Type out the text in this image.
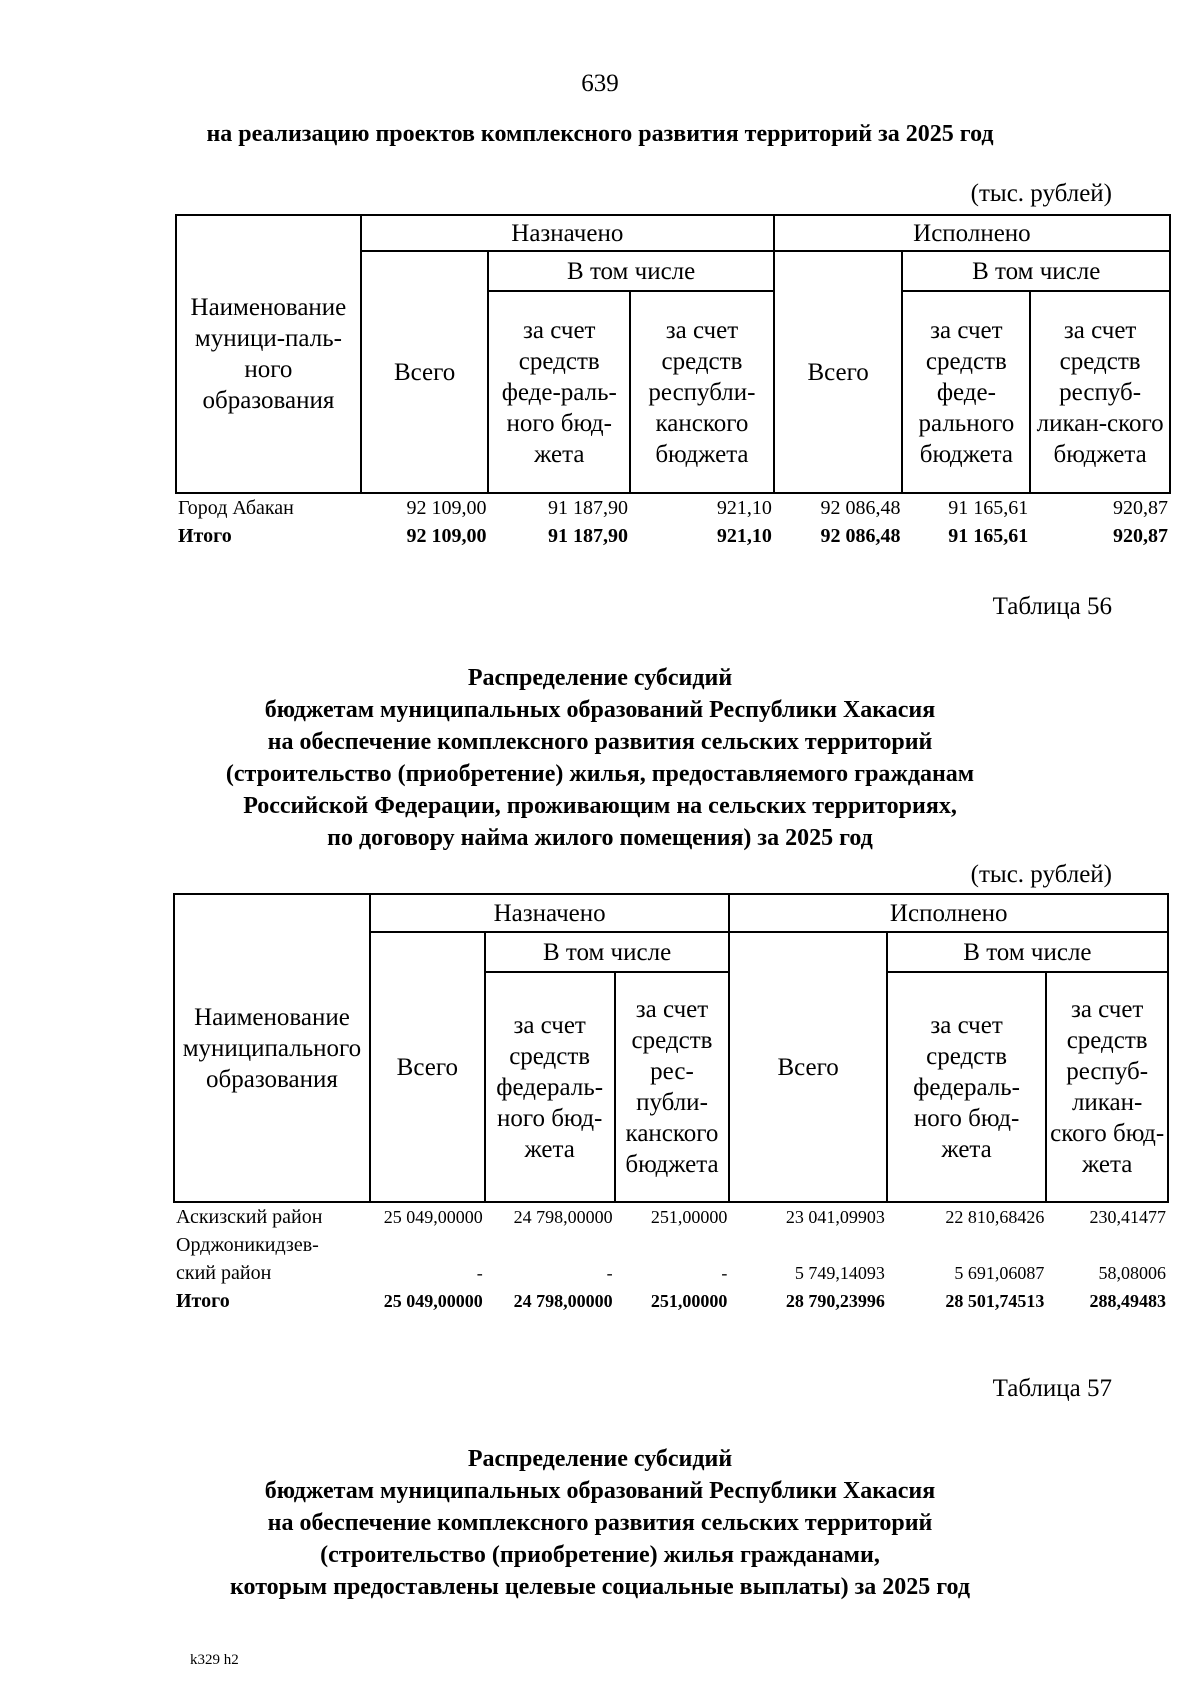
639
на реализацию проектов комплексного развития территорий за 2025 год
(тыс. рублей)
Наименование муници-паль-ного образования	Назначено			Исполнено		
	Всего	В том числе		Всего	В том числе	
		за счет средств феде-раль-ного бюд-жета	за счет средств республи-канского бюджета		за счет средств феде-рального бюджета	за счет средств респуб-ликан-ского бюджета
Город Абакан	92 109,00	91 187,90	921,10	92 086,48	91 165,61	920,87
Итого	92 109,00	91 187,90	921,10	92 086,48	91 165,61	920,87
Таблица 56
Распределение субсидий
бюджетам муниципальных образований Республики Хакасия
на обеспечение комплексного развития сельских территорий
(строительство (приобретение) жилья, предоставляемого гражданам
Российской Федерации, проживающим на сельских территориях,
по договору найма жилого помещения) за 2025 год
(тыс. рублей)
Наименование муниципального образования	Назначено			Исполнено		
	Всего	В том числе		Всего	В том числе	
		за счет средств федераль-ного бюд-жета	за счет средств рес-публи-канского бюджета		за счет средств федераль-ного бюд-жета	за счет средств респуб-ликан-ского бюд-жета
Аскизский район	25 049,00000	24 798,00000	251,00000	23 041,09903	22 810,68426	230,41477
Орджоникидзев-						
ский район	-	-	-	5 749,14093	5 691,06087	58,08006
Итого	25 049,00000	24 798,00000	251,00000	28 790,23996	28 501,74513	288,49483
Таблица 57
Распределение субсидий
бюджетам муниципальных образований Республики Хакасия
на обеспечение комплексного развития сельских территорий
(строительство (приобретение) жилья гражданами,
которым предоставлены целевые социальные выплаты) за 2025 год
k329 h2
